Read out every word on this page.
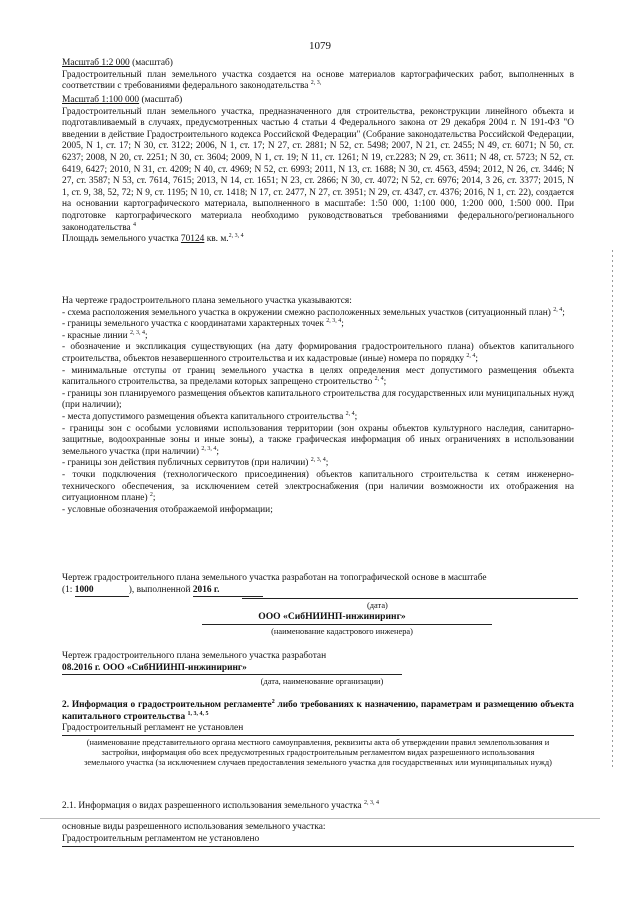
1079

Масштаб 1:2 000 (масштаб)

Градостроительный план земельного участка создается на основе материалов картографических работ, выполненных в соответствии с требованиями федерального законодательства $^{2, 3,}$

Масштаб 1:100 000 (масштаб)

Градостроительный план земельного участка, предназначенного для строительства, реконструкции линейного объекта и подготавливаемый в случаях, предусмотренных частью 4 статьи 4 Федерального закона от 29 декабря 2004 г. N 191-ФЗ "О введении в действие Градостроительного кодекса Российской Федерации" (Собрание законодательства Российской Федерации, 2005, N 1, ст. 17; N 30, ст. 3122; 2006, N 1, ст. 17; N 27, ст. 2881; N 52, ст. 5498; 2007, N 21, ст. 2455; N 49, ст. 6071; N 50, ст. 6237; 2008, N 20, ст. 2251; N 30, ст. 3604; 2009, N 1, ст. 19; N 11, ст. 1261; N 19, ст.2283; N 29, ст. 3611; N 48, ст. 5723; N 52, ст. 6419, 6427; 2010, N 31, ст. 4209; N 40, ст. 4969; N 52, ст. 6993; 2011, N 13, ст. 1688; N 30, ст. 4563, 4594; 2012, N 26, ст. 3446; N 27, ст. 3587; N 53, ст. 7614, 7615; 2013, N 14, ст. 1651; N 23, ст. 2866; N 30, ст. 4072; N 52, ст. 6976; 2014, 3 26, ст. 3377; 2015, N 1, ст. 9, 38, 52, 72; N 9, ст. 1195; N 10, ст. 1418; N 17, ст. 2477, N 27, ст. 3951; N 29, ст. 4347, ст. 4376; 2016, N 1, ст. 22), создается на основании картографического материала, выполненного в масштабе: 1:50 000, 1:100 000, 1:200 000, 1:500 000. При подготовке картографического материала необходимо руководствоваться требованиями федерального/регионального законодательства $^4$

Площадь земельного участка 70124 кв. м.$^{2, 3, 4}$

На чертеже градостроительного плана земельного участка указываются:

- схема расположения земельного участка в окружении смежно расположенных земельных участков (ситуационный план) $^{2, 4}$;

- границы земельного участка с координатами характерных точек $^{2, 3, 4}$;

- красные линии $^{2, 3, 4}$;

- обозначение и экспликация существующих (на дату формирования градостроительного плана) объектов капитального строительства, объектов незавершенного строительства и их кадастровые (иные) номера по порядку $^{2, 4}$;

- минимальные отступы от границ земельного участка в целях определения мест допустимого размещения объекта капитального строительства, за пределами которых запрещено строительство $^{2, 4}$;

- границы зон планируемого размещения объектов капитального строительства для государственных или муниципальных нужд (при наличии);

- места допустимого размещения объекта капитального строительства $^{2, 4}$;

- границы зон с особыми условиями использования территории (зон охраны объектов культурного наследия, санитарно-защитные, водоохранные зоны и иные зоны), а также графическая информация об иных ограничениях в использовании земельного участка (при наличии) $^{2, 3, 4}$;

- границы зон действия публичных сервитутов (при наличии) $^{2, 3, 4}$;

- точки подключения (технологического присоединения) объектов капитального строительства к сетям инженерно-технического обеспечения, за исключением сетей электроснабжения (при наличии возможности их отображения на ситуационном плане) $^2$;

- условные обозначения отображаемой информации;

Чертеж градостроительного плана земельного участка разработан на топографической основе в масштабе

(1: 1000	), выполненной 2016 г.

(дата)
ООО «СибНИИНП-инжиниринг»
(наименование кадастрового инженера)

Чертеж градостроительного плана земельного участка разработан

08.2016 г. ООО «СибНИИНП-инжиниринг»

(дата, наименование организации)

2. Информация о градостроительном регламенте$^2$ либо требованиях к назначению, параметрам и размещению объекта капитального строительства $^{1, 3, 4, 5}$

Градостроительный регламент не установлен

(наименование представительного органа местного самоуправления, реквизиты акта об утверждении правил землепользования и застройки, информация обо всех предусмотренных градостроительным регламентом видах разрешенного использования земельного участка (за исключением случаев предоставления земельного участка для государственных или муниципальных нужд)

2.1. Информация о видах разрешенного использования земельного участка $^{2, 3, 4}$

основные виды разрешенного использования земельного участка:

Градостроительным регламентом не установлено
